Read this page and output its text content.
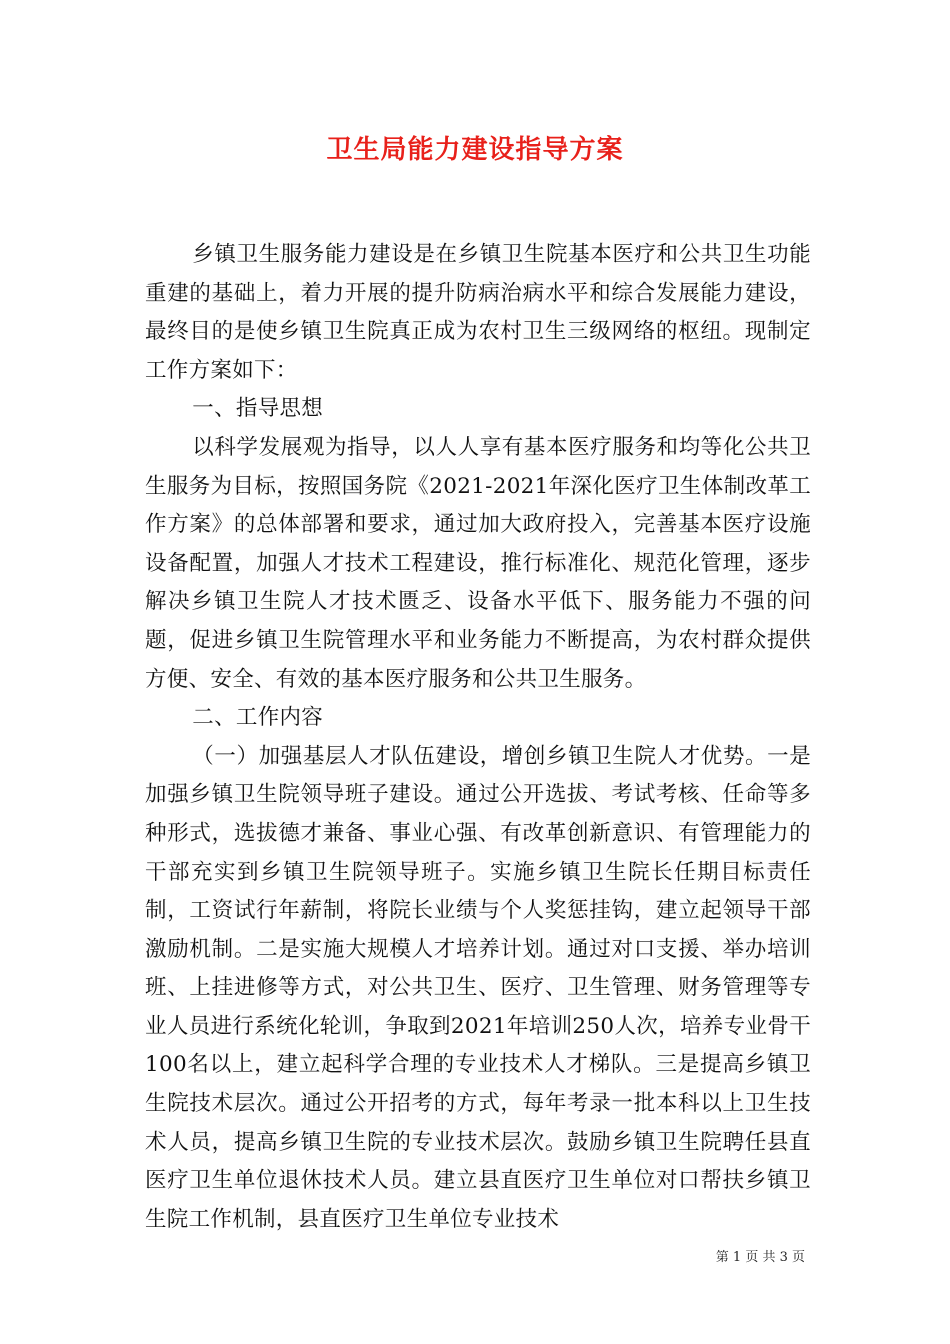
卫生局能力建设指导方案

乡镇卫生服务能力建设是在乡镇卫生院基本医疗和公共卫生功能重建的基础上，着力开展的提升防病治病水平和综合发展能力建设，最终目的是使乡镇卫生院真正成为农村卫生三级网络的枢纽。现制定工作方案如下：

一、指导思想

以科学发展观为指导，以人人享有基本医疗服务和均等化公共卫生服务为目标，按照国务院《2021-2021年深化医疗卫生体制改革工作方案》的总体部署和要求，通过加大政府投入，完善基本医疗设施设备配置，加强人才技术工程建设，推行标准化、规范化管理，逐步解决乡镇卫生院人才技术匮乏、设备水平低下、服务能力不强的问题，促进乡镇卫生院管理水平和业务能力不断提高，为农村群众提供方便、安全、有效的基本医疗服务和公共卫生服务。

二、工作内容

（一）加强基层人才队伍建设，增创乡镇卫生院人才优势。一是加强乡镇卫生院领导班子建设。通过公开选拔、考试考核、任命等多种形式，选拔德才兼备、事业心强、有改革创新意识、有管理能力的干部充实到乡镇卫生院领导班子。实施乡镇卫生院长任期目标责任制，工资试行年薪制，将院长业绩与个人奖惩挂钩，建立起领导干部激励机制。二是实施大规模人才培养计划。通过对口支援、举办培训班、上挂进修等方式，对公共卫生、医疗、卫生管理、财务管理等专业人员进行系统化轮训，争取到2021年培训250人次，培养专业骨干100名以上，建立起科学合理的专业技术人才梯队。三是提高乡镇卫生院技术层次。通过公开招考的方式，每年考录一批本科以上卫生技术人员，提高乡镇卫生院的专业技术层次。鼓励乡镇卫生院聘任县直医疗卫生单位退休技术人员。建立县直医疗卫生单位对口帮扶乡镇卫生院工作机制，县直医疗卫生单位专业技术

第 1 页 共 3 页
